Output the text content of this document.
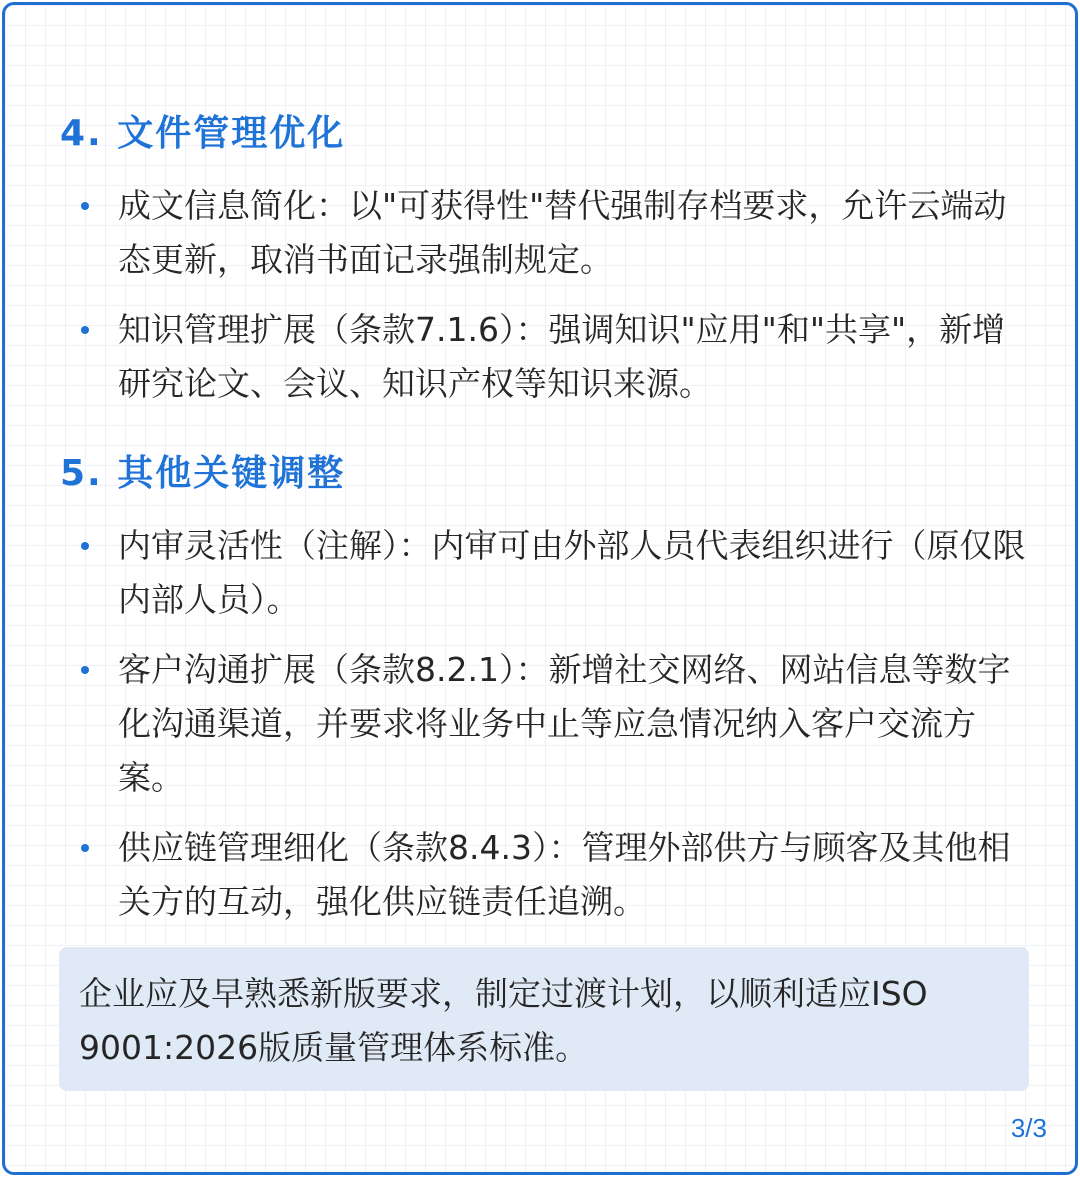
4. 文件管理优化
成文信息简化：以"可获得性"替代强制存档要求，允许云端动态更新，取消书面记录强制规定。
知识管理扩展（条款7.1.6）：强调知识"应用"和"共享"，新增研究论文、会议、知识产权等知识来源。
5. 其他关键调整
内审灵活性（注解）：内审可由外部人员代表组织进行（原仅限内部人员）。
客户沟通扩展（条款8.2.1）：新增社交网络、网站信息等数字化沟通渠道，并要求将业务中止等应急情况纳入客户交流方案。
供应链管理细化（条款8.4.3）：管理外部供方与顾客及其他相关方的互动，强化供应链责任追溯。

企业应及早熟悉新版要求，制定过渡计划，以顺利适应ISO 9001:2026版质量管理体系标准。

3/3
